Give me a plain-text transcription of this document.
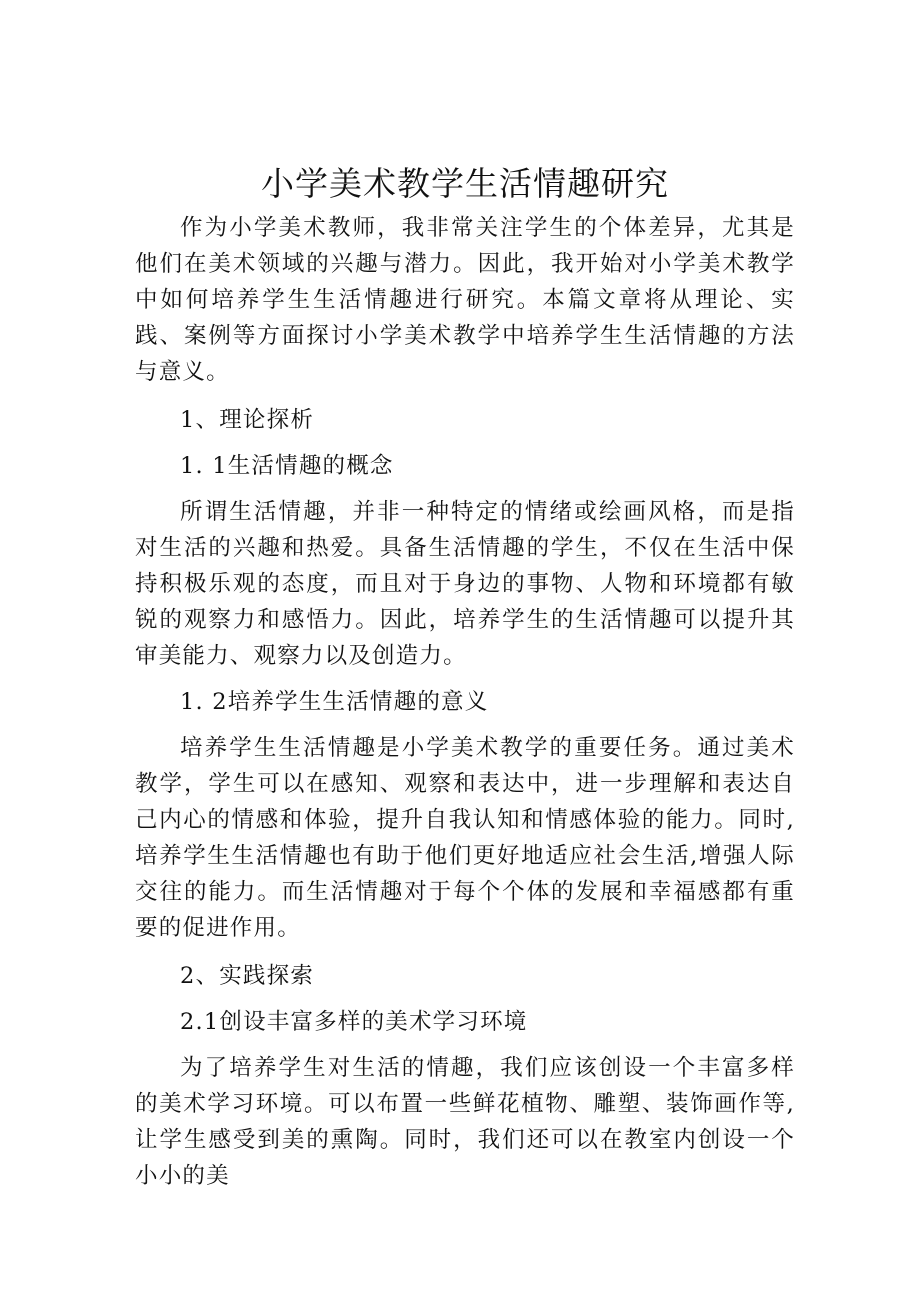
小学美术教学生活情趣研究

作为小学美术教师，我非常关注学生的个体差异，尤其是他们在美术领域的兴趣与潜力。因此，我开始对小学美术教学中如何培养学生生活情趣进行研究。本篇文章将从理论、实践、案例等方面探讨小学美术教学中培养学生生活情趣的方法与意义。

1、理论探析
1. 1生活情趣的概念

所谓生活情趣，并非一种特定的情绪或绘画风格，而是指对生活的兴趣和热爱。具备生活情趣的学生，不仅在生活中保持积极乐观的态度，而且对于身边的事物、人物和环境都有敏锐的观察力和感悟力。因此，培养学生的生活情趣可以提升其审美能力、观察力以及创造力。

1. 2培养学生生活情趣的意义

培养学生生活情趣是小学美术教学的重要任务。通过美术教学，学生可以在感知、观察和表达中，进一步理解和表达自己内心的情感和体验，提升自我认知和情感体验的能力。同时,培养学生生活情趣也有助于他们更好地适应社会生活,增强人际交往的能力。而生活情趣对于每个个体的发展和幸福感都有重要的促进作用。

2、实践探索
2.1创设丰富多样的美术学习环境

为了培养学生对生活的情趣，我们应该创设一个丰富多样的美术学习环境。可以布置一些鲜花植物、雕塑、装饰画作等,让学生感受到美的熏陶。同时，我们还可以在教室内创设一个小小的美
